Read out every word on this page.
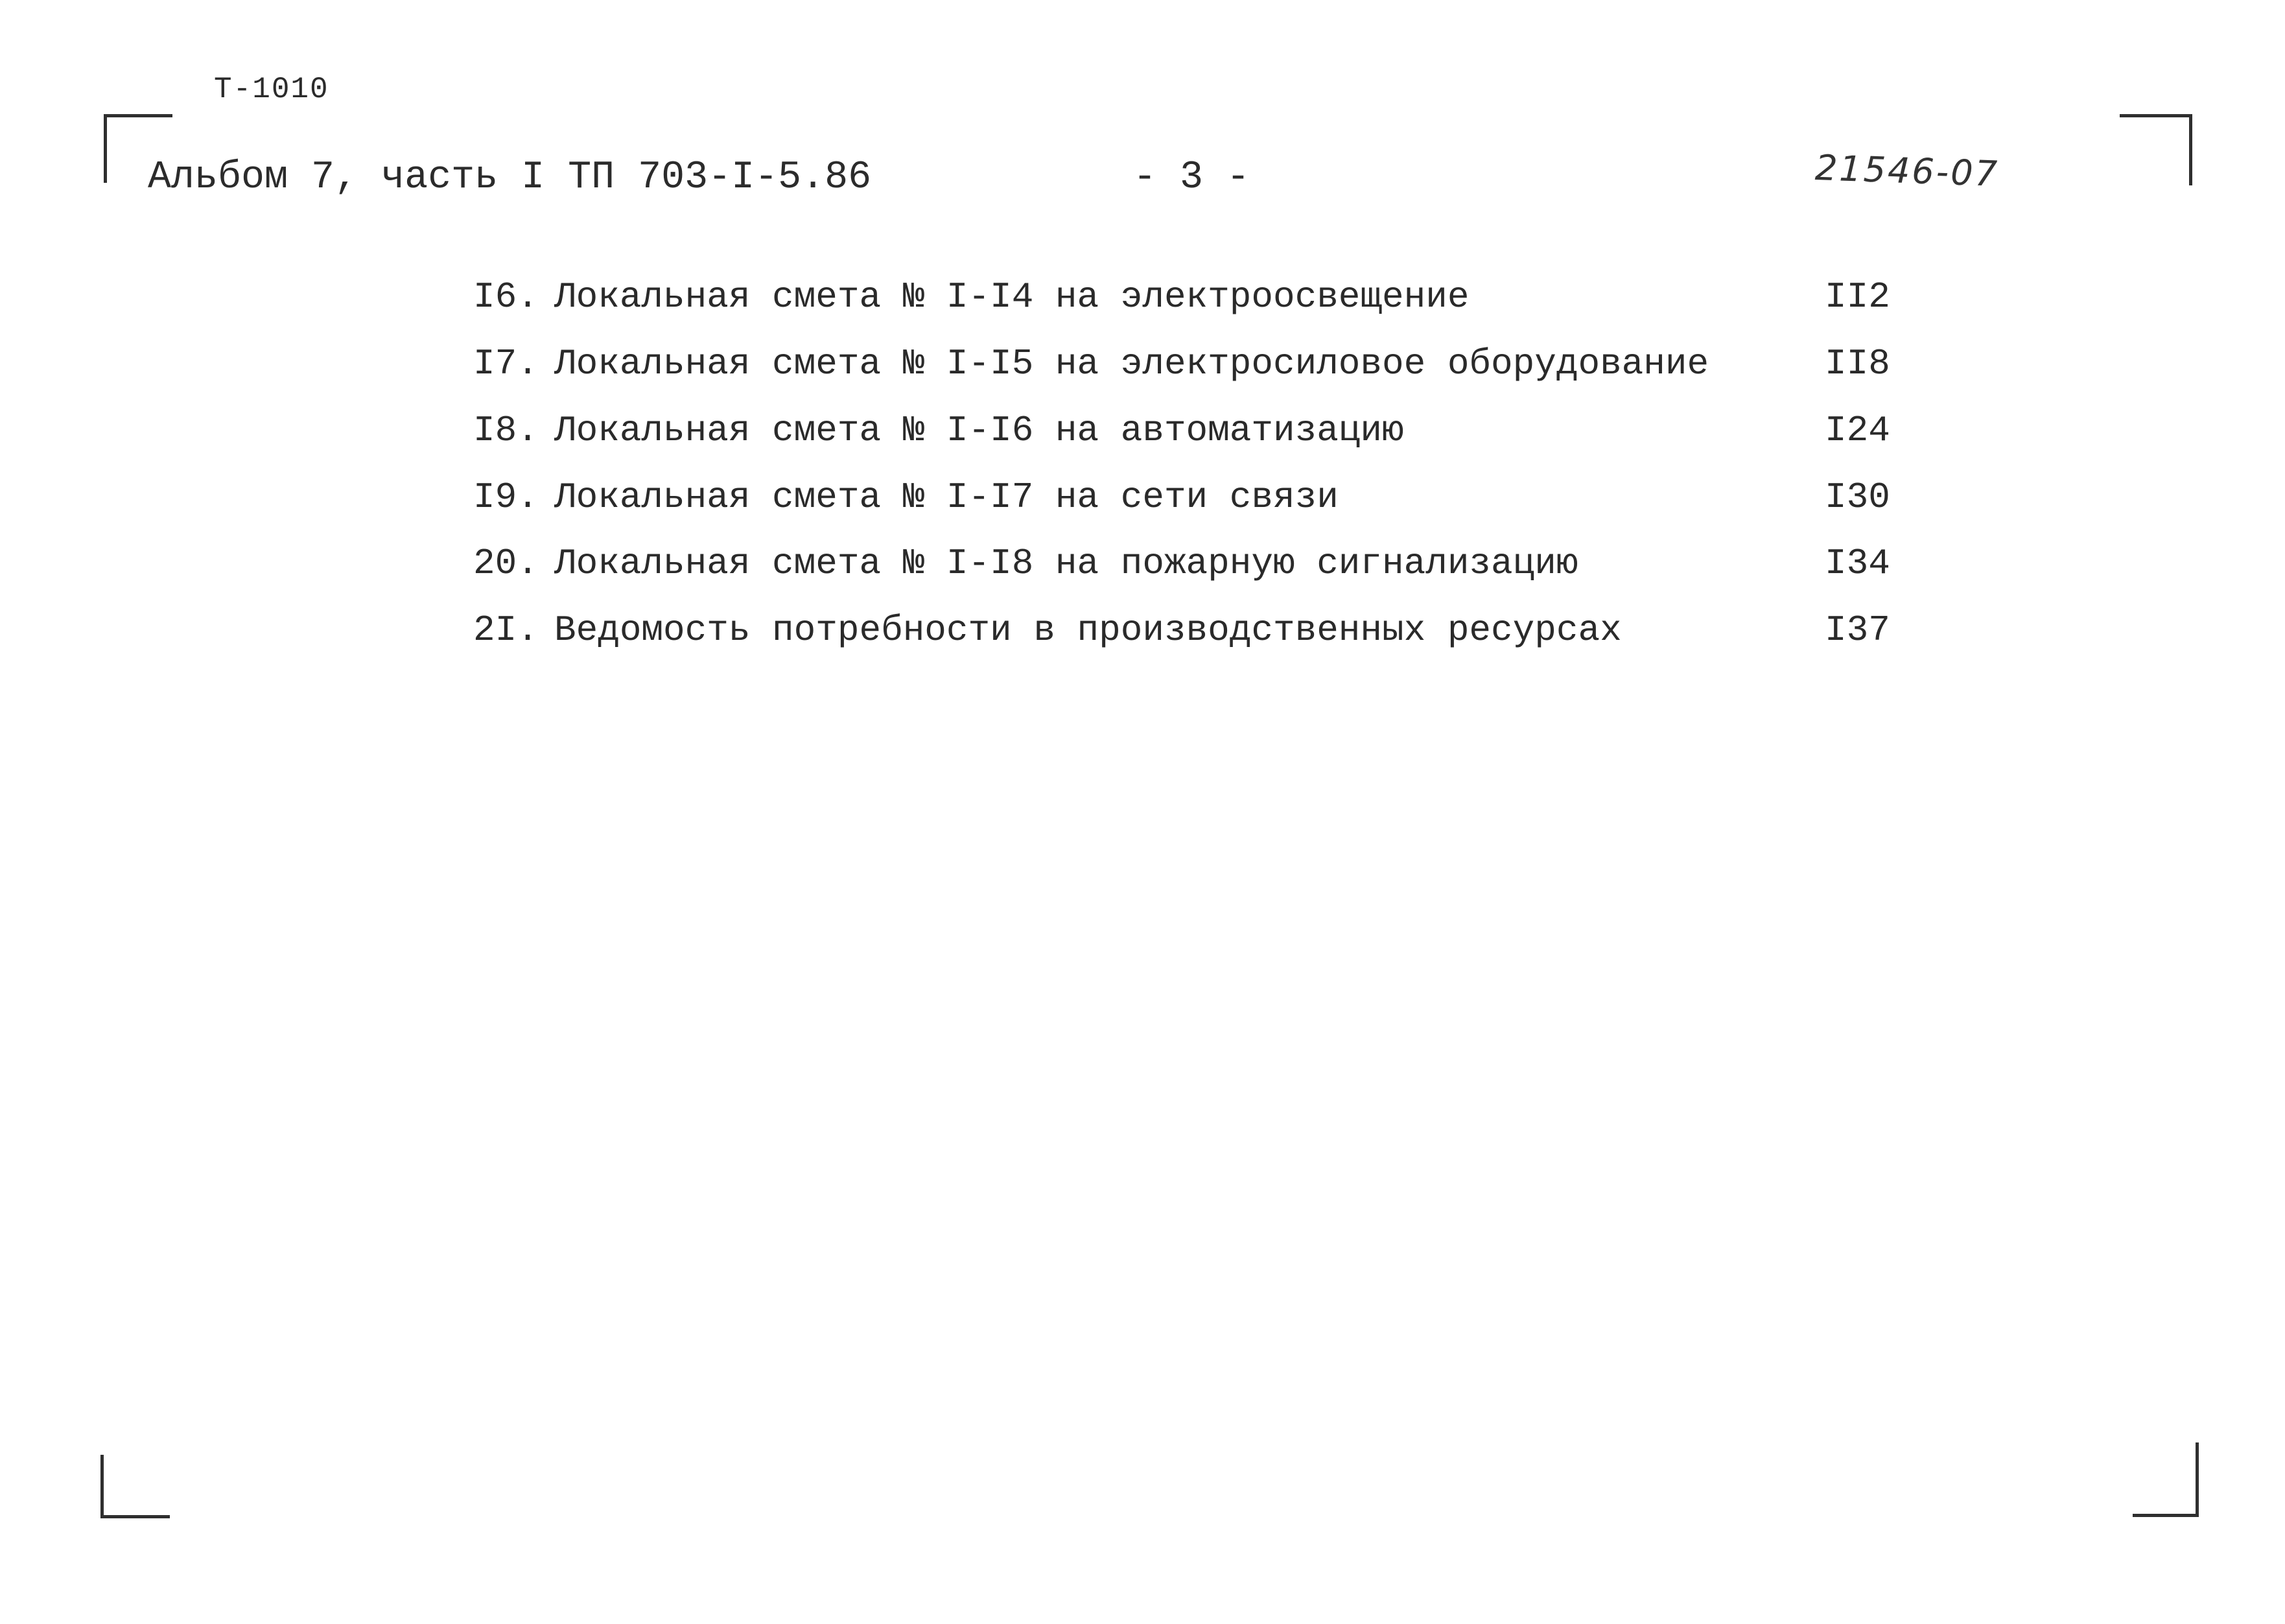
Т-1010
Альбом 7, часть I ТП 703-I-5.86	- 3 -	21546-07
I6. Локальная смета № I-I4 на электроосвещение	II2
I7. Локальная смета № I-I5 на электросиловое оборудование	II8
I8. Локальная смета № I-I6 на автоматизацию	I24
I9. Локальная смета № I-I7 на сети связи	I30
20. Локальная смета № I-I8 на пожарную сигнализацию	I34
2I. Ведомость потребности в производственных ресурсах	I37
